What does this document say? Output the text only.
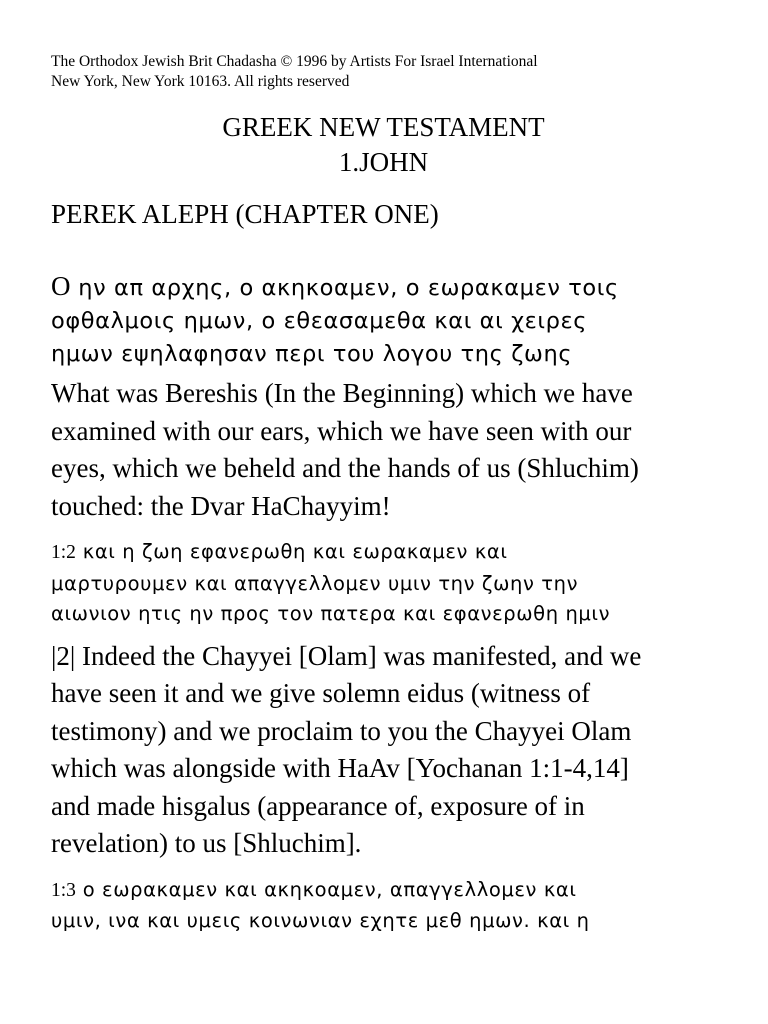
The Orthodox Jewish Brit Chadasha © 1996 by Artists For Israel International
New York, New York 10163. All rights reserved
GREEK NEW TESTAMENT
1.JOHN
PEREK ALEPH (CHAPTER ONE)

O ην απ αρχης, ο ακηκοαμεν, ο εωρακαμεν τοις
οφθαλμοις ημων, ο εθεασαμεθα και αι χειρες
ημων εψηλαφησαν περι του λογου της ζωης

What was Bereshis (In the Beginning) which we have
examined with our ears, which we have seen with our
eyes, which we beheld and the hands of us (Shluchim)
touched: the Dvar HaChayyim!

1:2 και η ζωη εφανερωθη και εωρακαμεν και
μαρτυρουμεν και απαγγελλομεν υμιν την ζωην την
αιωνιον ητις ην προς τον πατερα και εφανερωθη ημιν

|2| Indeed the Chayyei [Olam] was manifested, and we
have seen it and we give solemn eidus (witness of
testimony) and we proclaim to you the Chayyei Olam
which was alongside with HaAv [Yochanan 1:1-4,14]
and made hisgalus (appearance of, exposure of in
revelation) to us [Shluchim].

1:3 ο εωρακαμεν και ακηκοαμεν, απαγγελλομεν και
υμιν, ινα και υμεις κοινωνιαν εχητε μεθ ημων. και η
